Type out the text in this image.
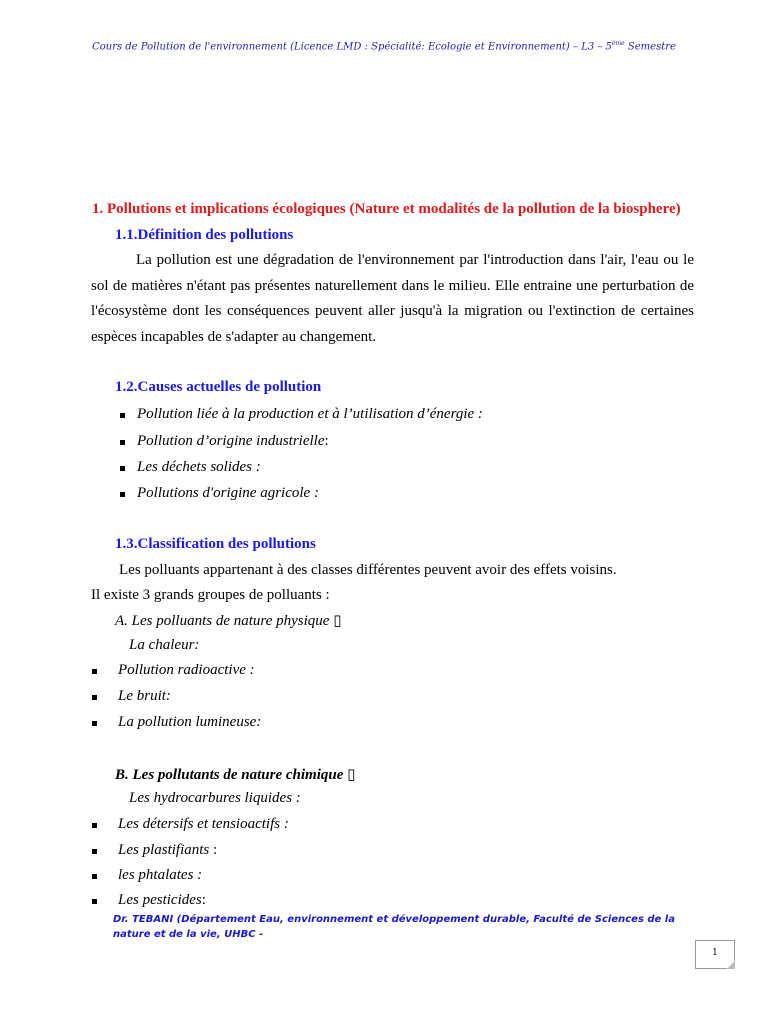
Cours de Pollution de l'environnement (Licence LMD : Spécialité: Ecologie et Environnement) – L3 – 5ème Semestre
1. Pollutions et implications écologiques (Nature et modalités de la pollution de la biosphere)
1.1.Définition des pollutions
La pollution est une dégradation de l'environnement par l'introduction dans l'air, l'eau ou le sol de matières n'étant pas présentes naturellement dans le milieu. Elle entraine une perturbation de l'écosystème dont les conséquences peuvent aller jusqu'à la migration ou l'extinction de certaines espèces incapables de s'adapter au changement.
1.2.Causes actuelles de pollution
Pollution liée à la production et à l’utilisation d’énergie :
Pollution d’origine industrielle:
Les déchets solides :
Pollutions d'origine agricole :
1.3.Classification des pollutions
Les polluants appartenant à des classes différentes peuvent avoir des effets voisins.
Il existe 3 grands groupes de polluants :
A. Les polluants de nature physique ▯
La chaleur:
Pollution radioactive :
Le bruit:
La pollution lumineuse:
B. Les pollutants de nature chimique ▯
Les hydrocarbures liquides :
Les détersifs et tensioactifs :
Les plastifiants :
les phtalates :
Les pesticides:
Dr. TEBANI (Département Eau, environnement et développement durable, Faculté de Sciences de la nature et de la vie, UHBC -
1
